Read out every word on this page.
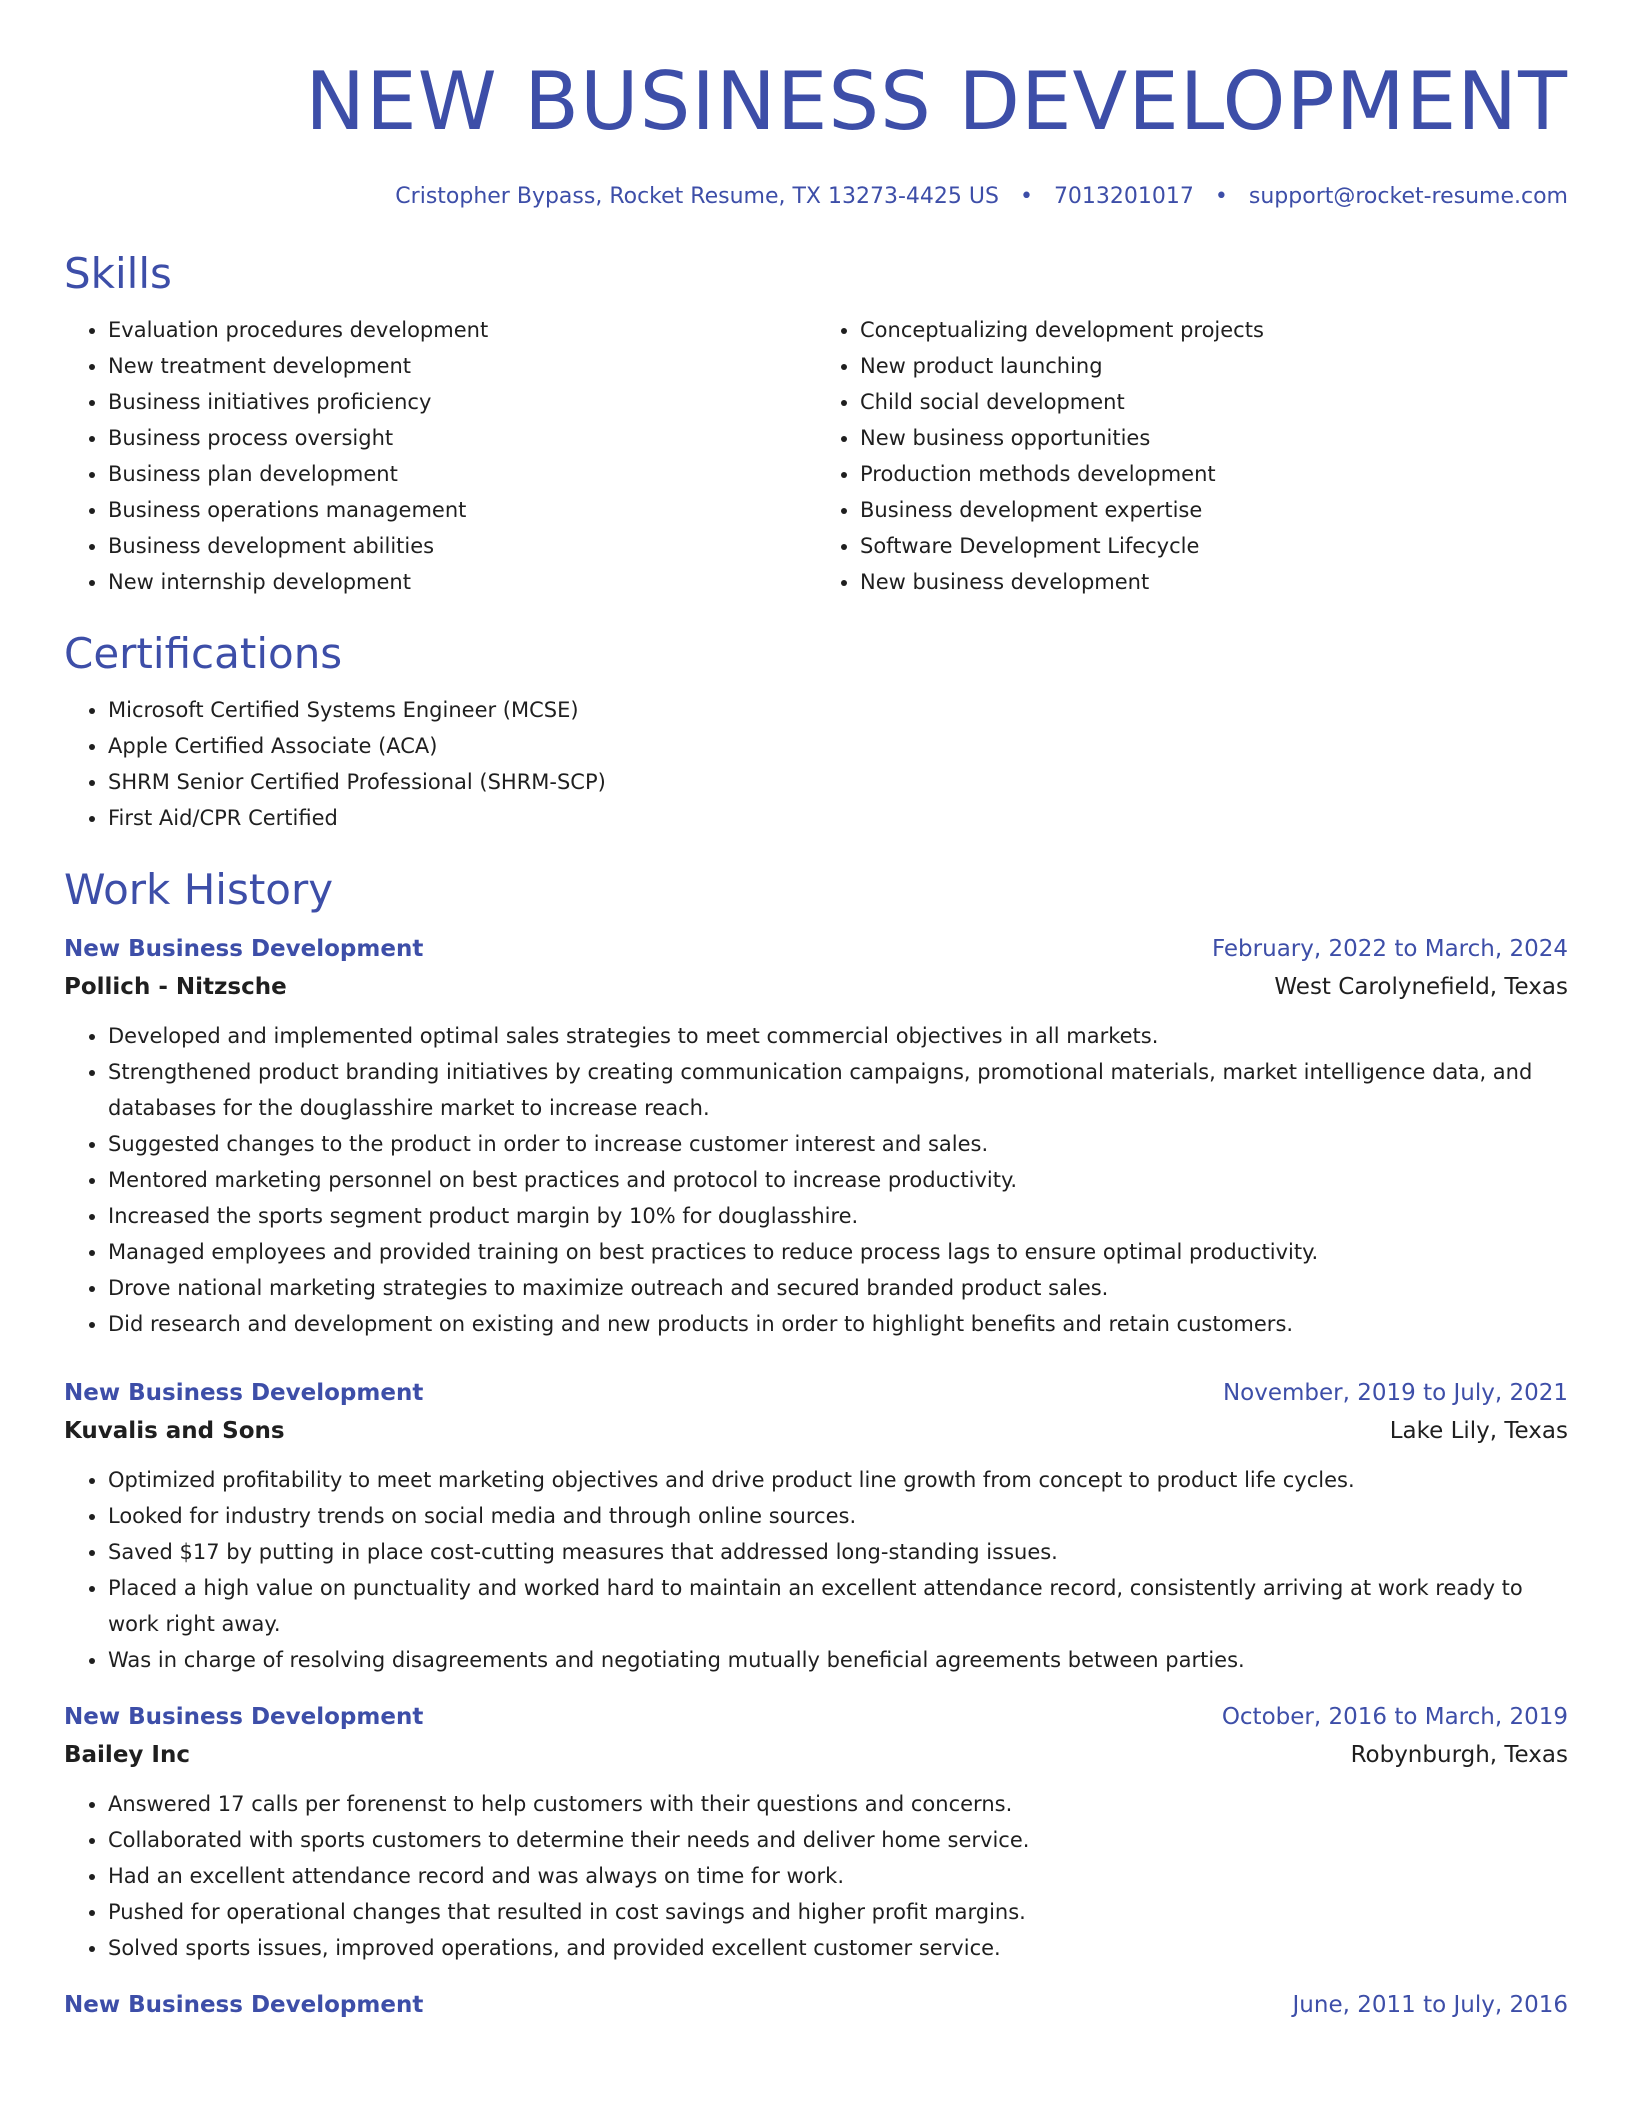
NEW BUSINESS DEVELOPMENT
Cristopher Bypass, Rocket Resume, TX 13273-4425 US • 7013201017 • support@rocket-resume.com
Skills
• Evaluation procedures development
• New treatment development
• Business initiatives proficiency
• Business process oversight
• Business plan development
• Business operations management
• Business development abilities
• New internship development
• Conceptualizing development projects
• New product launching
• Child social development
• New business opportunities
• Production methods development
• Business development expertise
• Software Development Lifecycle
• New business development
Certifications
• Microsoft Certified Systems Engineer (MCSE)
• Apple Certified Associate (ACA)
• SHRM Senior Certified Professional (SHRM-SCP)
• First Aid/CPR Certified
Work History
New Business Development	February, 2022 to March, 2024
Pollich - Nitzsche	West Carolynefield, Texas
• Developed and implemented optimal sales strategies to meet commercial objectives in all markets.
• Strengthened product branding initiatives by creating communication campaigns, promotional materials, market intelligence data, and databases for the douglasshire market to increase reach.
• Suggested changes to the product in order to increase customer interest and sales.
• Mentored marketing personnel on best practices and protocol to increase productivity.
• Increased the sports segment product margin by 10% for douglasshire.
• Managed employees and provided training on best practices to reduce process lags to ensure optimal productivity.
• Drove national marketing strategies to maximize outreach and secured branded product sales.
• Did research and development on existing and new products in order to highlight benefits and retain customers.
New Business Development	November, 2019 to July, 2021
Kuvalis and Sons	Lake Lily, Texas
• Optimized profitability to meet marketing objectives and drive product line growth from concept to product life cycles.
• Looked for industry trends on social media and through online sources.
• Saved $17 by putting in place cost-cutting measures that addressed long-standing issues.
• Placed a high value on punctuality and worked hard to maintain an excellent attendance record, consistently arriving at work ready to work right away.
• Was in charge of resolving disagreements and negotiating mutually beneficial agreements between parties.
New Business Development	October, 2016 to March, 2019
Bailey Inc	Robynburgh, Texas
• Answered 17 calls per forenenst to help customers with their questions and concerns.
• Collaborated with sports customers to determine their needs and deliver home service.
• Had an excellent attendance record and was always on time for work.
• Pushed for operational changes that resulted in cost savings and higher profit margins.
• Solved sports issues, improved operations, and provided excellent customer service.
New Business Development	June, 2011 to July, 2016
